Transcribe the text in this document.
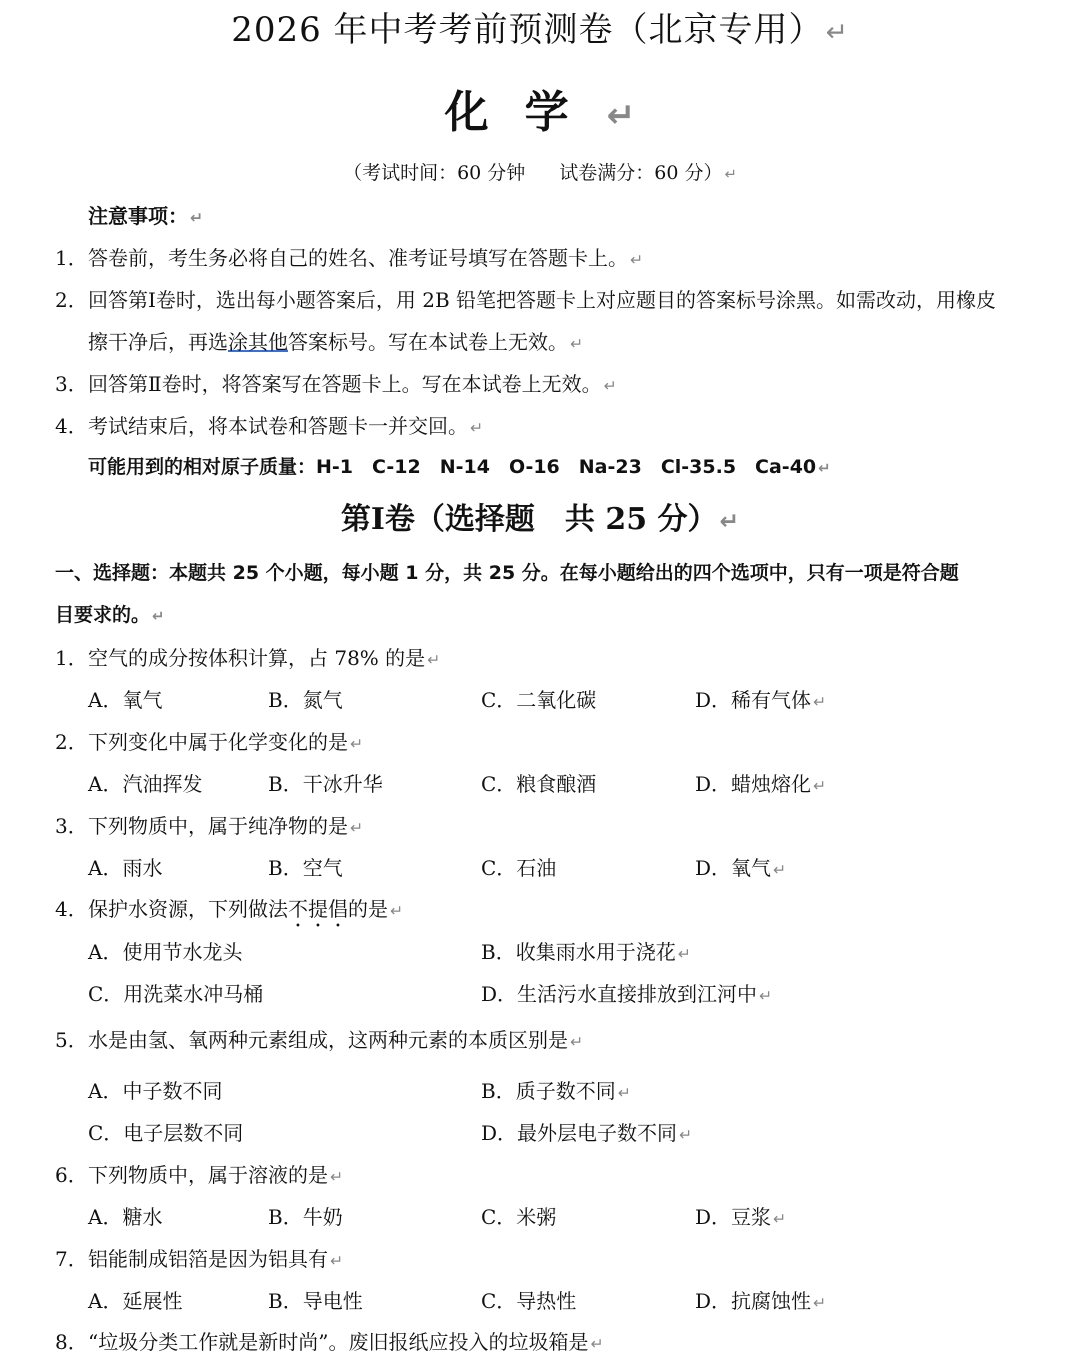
2026 年中考考前预测卷（北京专用）↵
化学↵
（考试时间：60 分钟 试卷满分：60 分） ↵
注意事项： ↵
1．答卷前，考生务必将自己的姓名、准考证号填写在答题卡上。 ↵
2．回答第Ⅰ卷时，选出每小题答案后，用 2B 铅笔把答题卡上对应题目的答案标号涂黑。如需改动，用橡皮
擦干净后，再选涂其他答案标号。写在本试卷上无效。 ↵
3．回答第Ⅱ卷时，将答案写在答题卡上。写在本试卷上无效。 ↵
4．考试结束后，将本试卷和答题卡一并交回。 ↵
可能用到的相对原子质量：H-1　C-12　N-14　O-16　Na-23　Cl-35.5　Ca-40 ↵
第Ⅰ卷（选择题　共 25 分）↵
一、选择题：本题共 25 个小题，每小题 1 分，共 25 分。在每小题给出的四个选项中，只有一项是符合题
目要求的。 ↵
1．空气的成分按体积计算，占 78% 的是 ↵
A．氧气	B．氮气	C．二氧化碳	D．稀有气体 ↵
2．下列变化中属于化学变化的是 ↵
A．汽油挥发	B．干冰升华	C．粮食酿酒	D．蜡烛熔化 ↵
3．下列物质中，属于纯净物的是 ↵
A．雨水	B．空气	C．石油	D．氧气 ↵
4．保护水资源，下列做法不提倡的是 ↵
A．使用节水龙头	B．收集雨水用于浇花 ↵
C．用洗菜水冲马桶	D．生活污水直接排放到江河中 ↵
5．水是由氢、氧两种元素组成，这两种元素的本质区别是 ↵
A．中子数不同	B．质子数不同 ↵
C．电子层数不同	D．最外层电子数不同 ↵
6．下列物质中，属于溶液的是 ↵
A．糖水	B．牛奶	C．米粥	D．豆浆 ↵
7．铝能制成铝箔是因为铝具有 ↵
A．延展性	B．导电性	C．导热性	D．抗腐蚀性 ↵
8．“垃圾分类工作就是新时尚”。废旧报纸应投入的垃圾箱是 ↵
